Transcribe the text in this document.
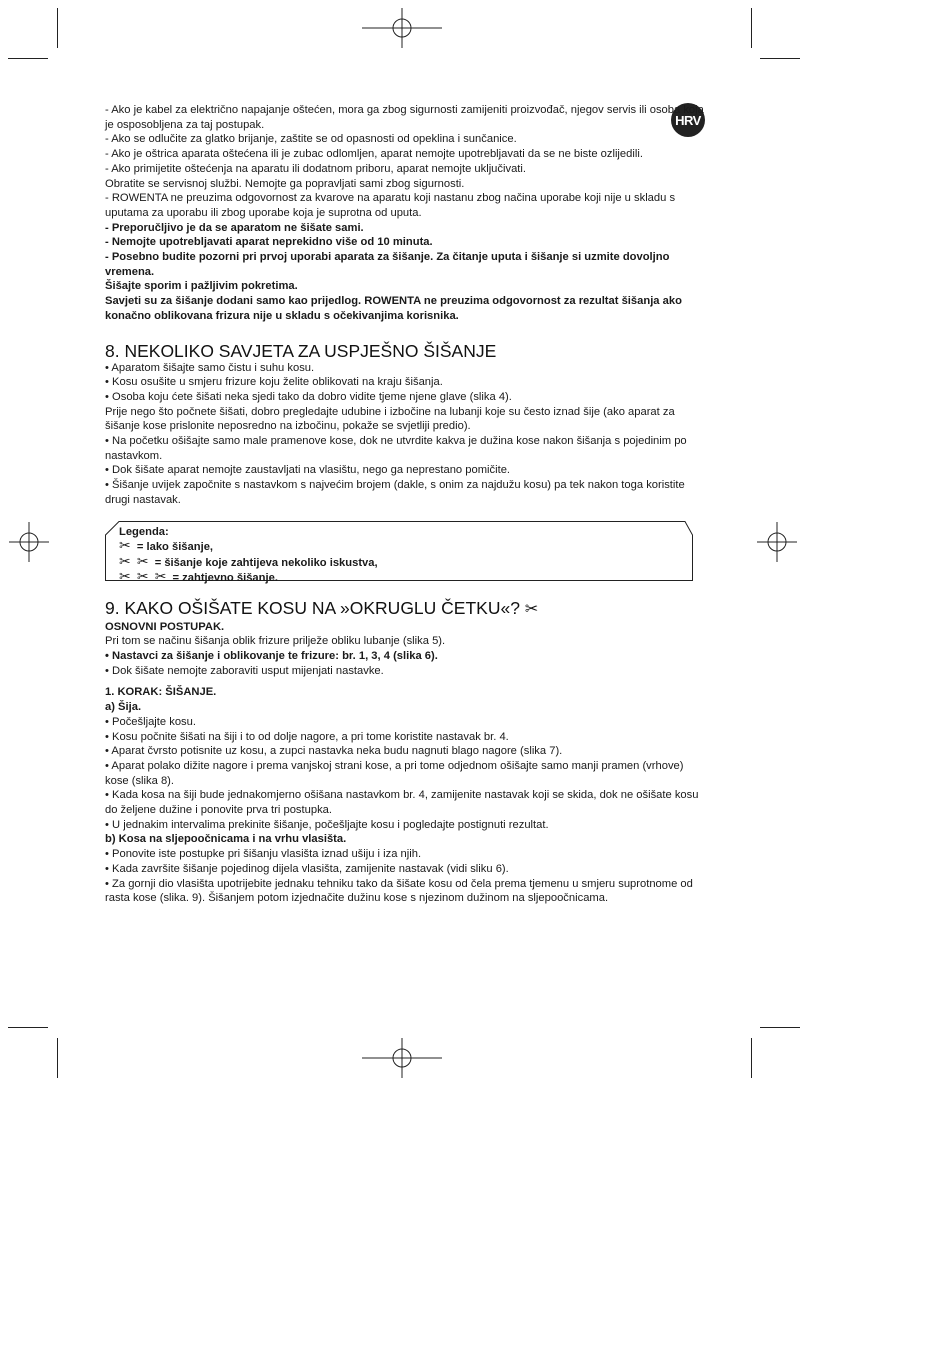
HRV

- Ako je kabel za električno napajanje oštećen, mora ga zbog sigurnosti zamijeniti proizvođač, njegov servis ili osoba koja je osposobljena za taj postupak.

- Ako se odlučite za glatko brijanje, zaštite se od opasnosti od opeklina i sunčanice.

- Ako je oštrica aparata oštećena ili je zubac odlomljen, aparat nemojte upotrebljavati da se ne biste ozlijedili.

- Ako primijetite oštećenja na aparatu ili dodatnom priboru, aparat nemojte uključivati.

Obratite se servisnoj službi. Nemojte ga popravljati sami zbog sigurnosti.

- ROWENTA ne preuzima odgovornost za kvarove na aparatu koji nastanu zbog načina uporabe koji nije u skladu s uputama za uporabu ili zbog uporabe koja je suprotna od uputa.

- Preporučljivo je da se aparatom ne šišate sami.

- Nemojte upotrebljavati aparat neprekidno više od 10 minuta.

- Posebno budite pozorni pri prvoj uporabi aparata za šišanje. Za čitanje uputa i šišanje si uzmite dovoljno vremena.

Šišajte sporim i pažljivim pokretima.

Savjeti su za šišanje dodani samo kao prijedlog. ROWENTA ne preuzima odgovornost za rezultat šišanja ako konačno oblikovana frizura nije u skladu s očekivanjima korisnika.

8. NEKOLIKO SAVJETA ZA USPJEŠNO ŠIŠANJE

• Aparatom šišajte samo čistu i suhu kosu.

• Kosu osušite u smjeru frizure koju želite oblikovati na kraju šišanja.

• Osoba koju ćete šišati neka sjedi tako da dobro vidite tjeme njene glave (slika 4).

Prije nego što počnete šišati, dobro pregledajte udubine i izbočine na lubanji koje su često iznad šije (ako aparat za šišanje kose prislonite neposredno na izbočinu, pokaže se svjetliji predio).

• Na početku ošišajte samo male pramenove kose, dok ne utvrdite kakva je dužina kose nakon šišanja s pojedinim po nastavkom.

• Dok šišate aparat nemojte zaustavljati na vlasištu, nego ga neprestano pomičite.

• Šišanje uvijek započnite s nastavkom s najvećim brojem (dakle, s onim za najdužu kosu) pa tek nakon toga koristite drugi nastavak.

Legenda:
✂ = lako šišanje,
✂ ✂ = šišanje koje zahtijeva nekoliko iskustva,
✂ ✂ ✂ = zahtjevno šišanje.
9. KAKO OŠIŠATE KOSU NA »OKRUGLU ČETKU«? ✂

OSNOVNI POSTUPAK.

Pri tom se načinu šišanja oblik frizure prilježe obliku lubanje (slika 5).

• Nastavci za šišanje i oblikovanje te frizure: br. 1, 3, 4 (slika 6).

• Dok šišate nemojte zaboraviti usput mijenjati nastavke.

1. KORAK: ŠIŠANJE.

a) Šija.

• Počešljajte kosu.

• Kosu počnite šišati na šiji i to od dolje nagore, a pri tome koristite nastavak br. 4.

• Aparat čvrsto potisnite uz kosu, a zupci nastavka neka budu nagnuti blago nagore (slika 7).

• Aparat polako dižite nagore i prema vanjskoj strani kose, a pri tome odjednom ošišajte samo manji pramen (vrhove) kose (slika 8).

• Kada kosa na šiji bude jednakomjerno ošišana nastavkom br. 4, zamijenite nastavak koji se skida, dok ne ošišate kosu do željene dužine i ponovite prva tri postupka.

• U jednakim intervalima prekinite šišanje, počešljajte kosu i pogledajte postignuti rezultat.

b) Kosa na sljepoočnicama i na vrhu vlasišta.

• Ponovite iste postupke pri šišanju vlasišta iznad ušiju i iza njih.

• Kada završite šišanje pojedinog dijela vlasišta, zamijenite nastavak (vidi sliku 6).

• Za gornji dio vlasišta upotrijebite jednaku tehniku tako da šišate kosu od čela prema tjemenu u smjeru suprotnome od rasta kose (slika. 9). Šišanjem potom izjednačite dužinu kose s njezinom dužinom na sljepoočnicama.
